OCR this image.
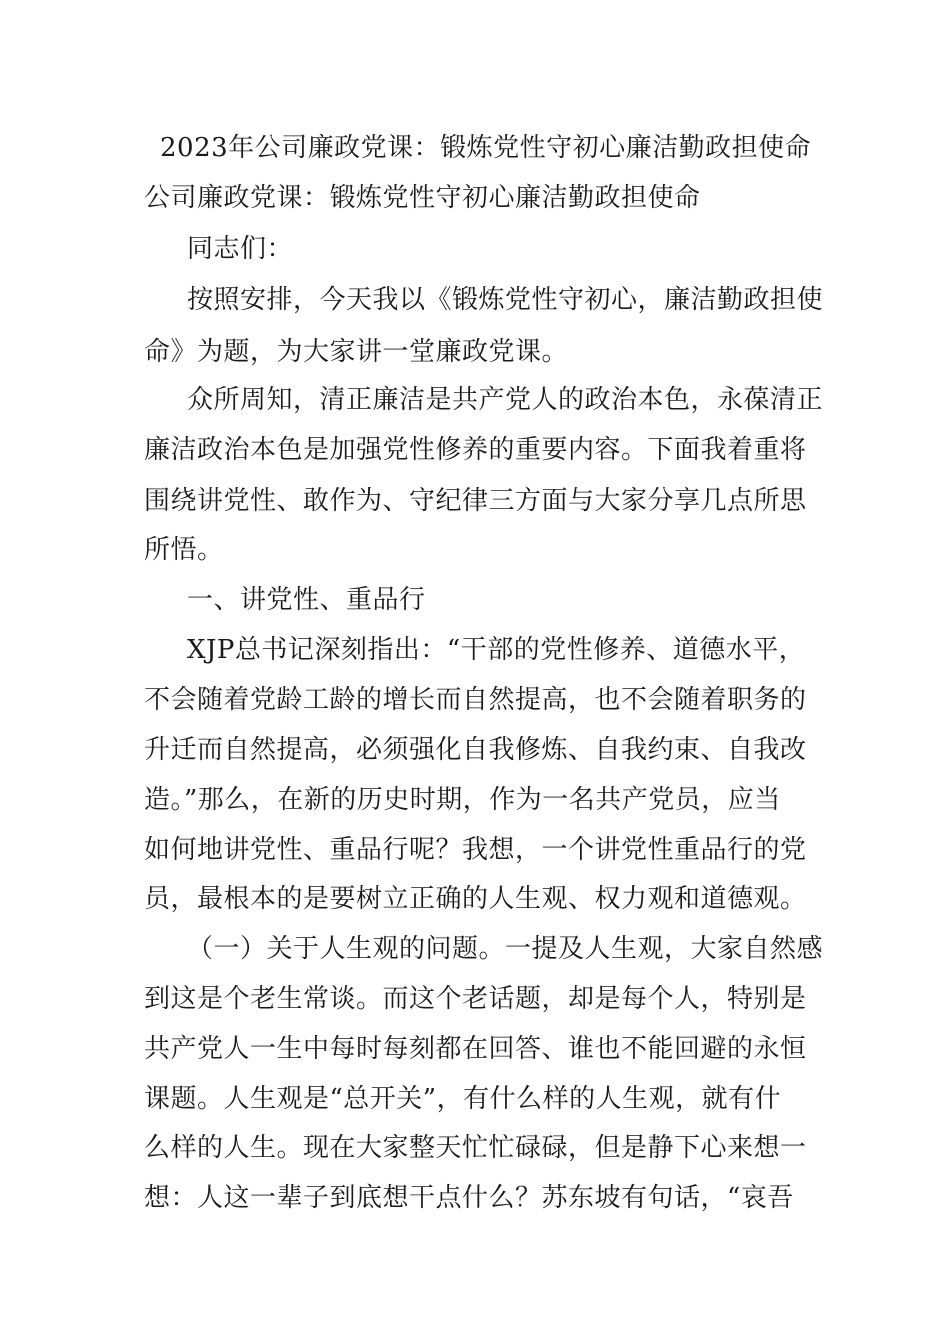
2023年公司廉政党课：锻炼党性守初心廉洁勤政担使命
公司廉政党课：锻炼党性守初心廉洁勤政担使命
同志们：
按照安排，今天我以《锻炼党性守初心，廉洁勤政担使
命》为题，为大家讲一堂廉政党课。
众所周知，清正廉洁是共产党人的政治本色，永葆清正
廉洁政治本色是加强党性修养的重要内容。下面我着重将
围绕讲党性、敢作为、守纪律三方面与大家分享几点所思
所悟。
一、讲党性、重品行
XJP总书记深刻指出：“干部的党性修养、道德水平，
不会随着党龄工龄的增长而自然提高，也不会随着职务的
升迁而自然提高，必须强化自我修炼、自我约束、自我改
造。”那么，在新的历史时期，作为一名共产党员，应当
如何地讲党性、重品行呢？我想，一个讲党性重品行的党
员，最根本的是要树立正确的人生观、权力观和道德观。
（一）关于人生观的问题。一提及人生观，大家自然感
到这是个老生常谈。而这个老话题，却是每个人，特别是
共产党人一生中每时每刻都在回答、谁也不能回避的永恒
课题。人生观是“总开关”，有什么样的人生观，就有什
么样的人生。现在大家整天忙忙碌碌，但是静下心来想一
想：人这一辈子到底想干点什么？苏东坡有句话，“哀吾
